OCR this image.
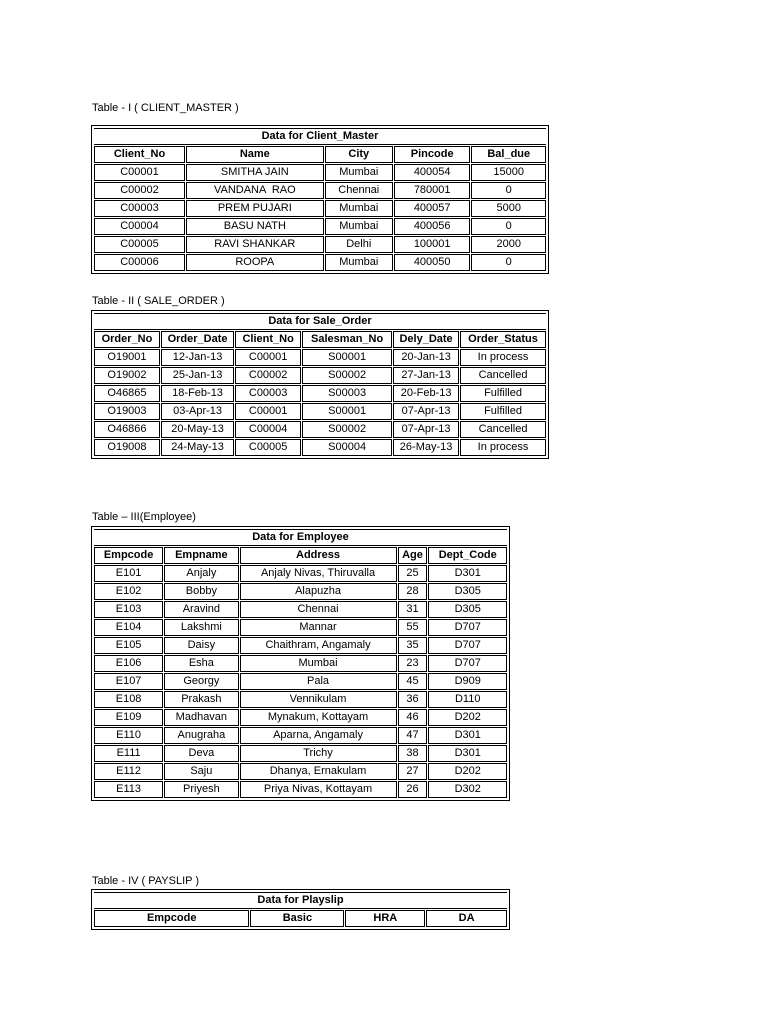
Table - I ( CLIENT_MASTER )
Data for Client_Master				
Client_No	Name	City	Pincode	Bal_due
C00001	SMITHA JAIN	Mumbai	400054	15000
C00002	VANDANA  RAO	Chennai	780001	0
C00003	PREM PUJARI	Mumbai	400057	5000
C00004	BASU NATH	Mumbai	400056	0
C00005	RAVI SHANKAR	Delhi	100001	2000
C00006	ROOPA	Mumbai	400050	0
Table - II ( SALE_ORDER )
Data for Sale_Order					
Order_No	Order_Date	Client_No	Salesman_No	Dely_Date	Order_Status
O19001	12-Jan-13	C00001	S00001	20-Jan-13	In process
O19002	25-Jan-13	C00002	S00002	27-Jan-13	Cancelled
O46865	18-Feb-13	C00003	S00003	20-Feb-13	Fulfilled
O19003	03-Apr-13	C00001	S00001	07-Apr-13	Fulfilled
O46866	20-May-13	C00004	S00002	07-Apr-13	Cancelled
O19008	24-May-13	C00005	S00004	26-May-13	In process
Table – III(Employee)
Data for Employee				
Empcode	Empname	Address	Age	Dept_Code
E101	Anjaly	Anjaly Nivas, Thiruvalla	25	D301
E102	Bobby	Alapuzha	28	D305
E103	Aravind	Chennai	31	D305
E104	Lakshmi	Mannar	55	D707
E105	Daisy	Chaithram, Angamaly	35	D707
E106	Esha	Mumbai	23	D707
E107	Georgy	Pala	45	D909
E108	Prakash	Vennikulam	36	D110
E109	Madhavan	Mynakum, Kottayam	46	D202
E110	Anugraha	Aparna, Angamaly	47	D301
E111	Deva	Trichy	38	D301
E112	Saju	Dhanya, Ernakulam	27	D202
E113	Priyesh	Priya Nivas, Kottayam	26	D302
Table - IV ( PAYSLIP )
Data for Playslip
Empcode	Basic	HRA	DA
